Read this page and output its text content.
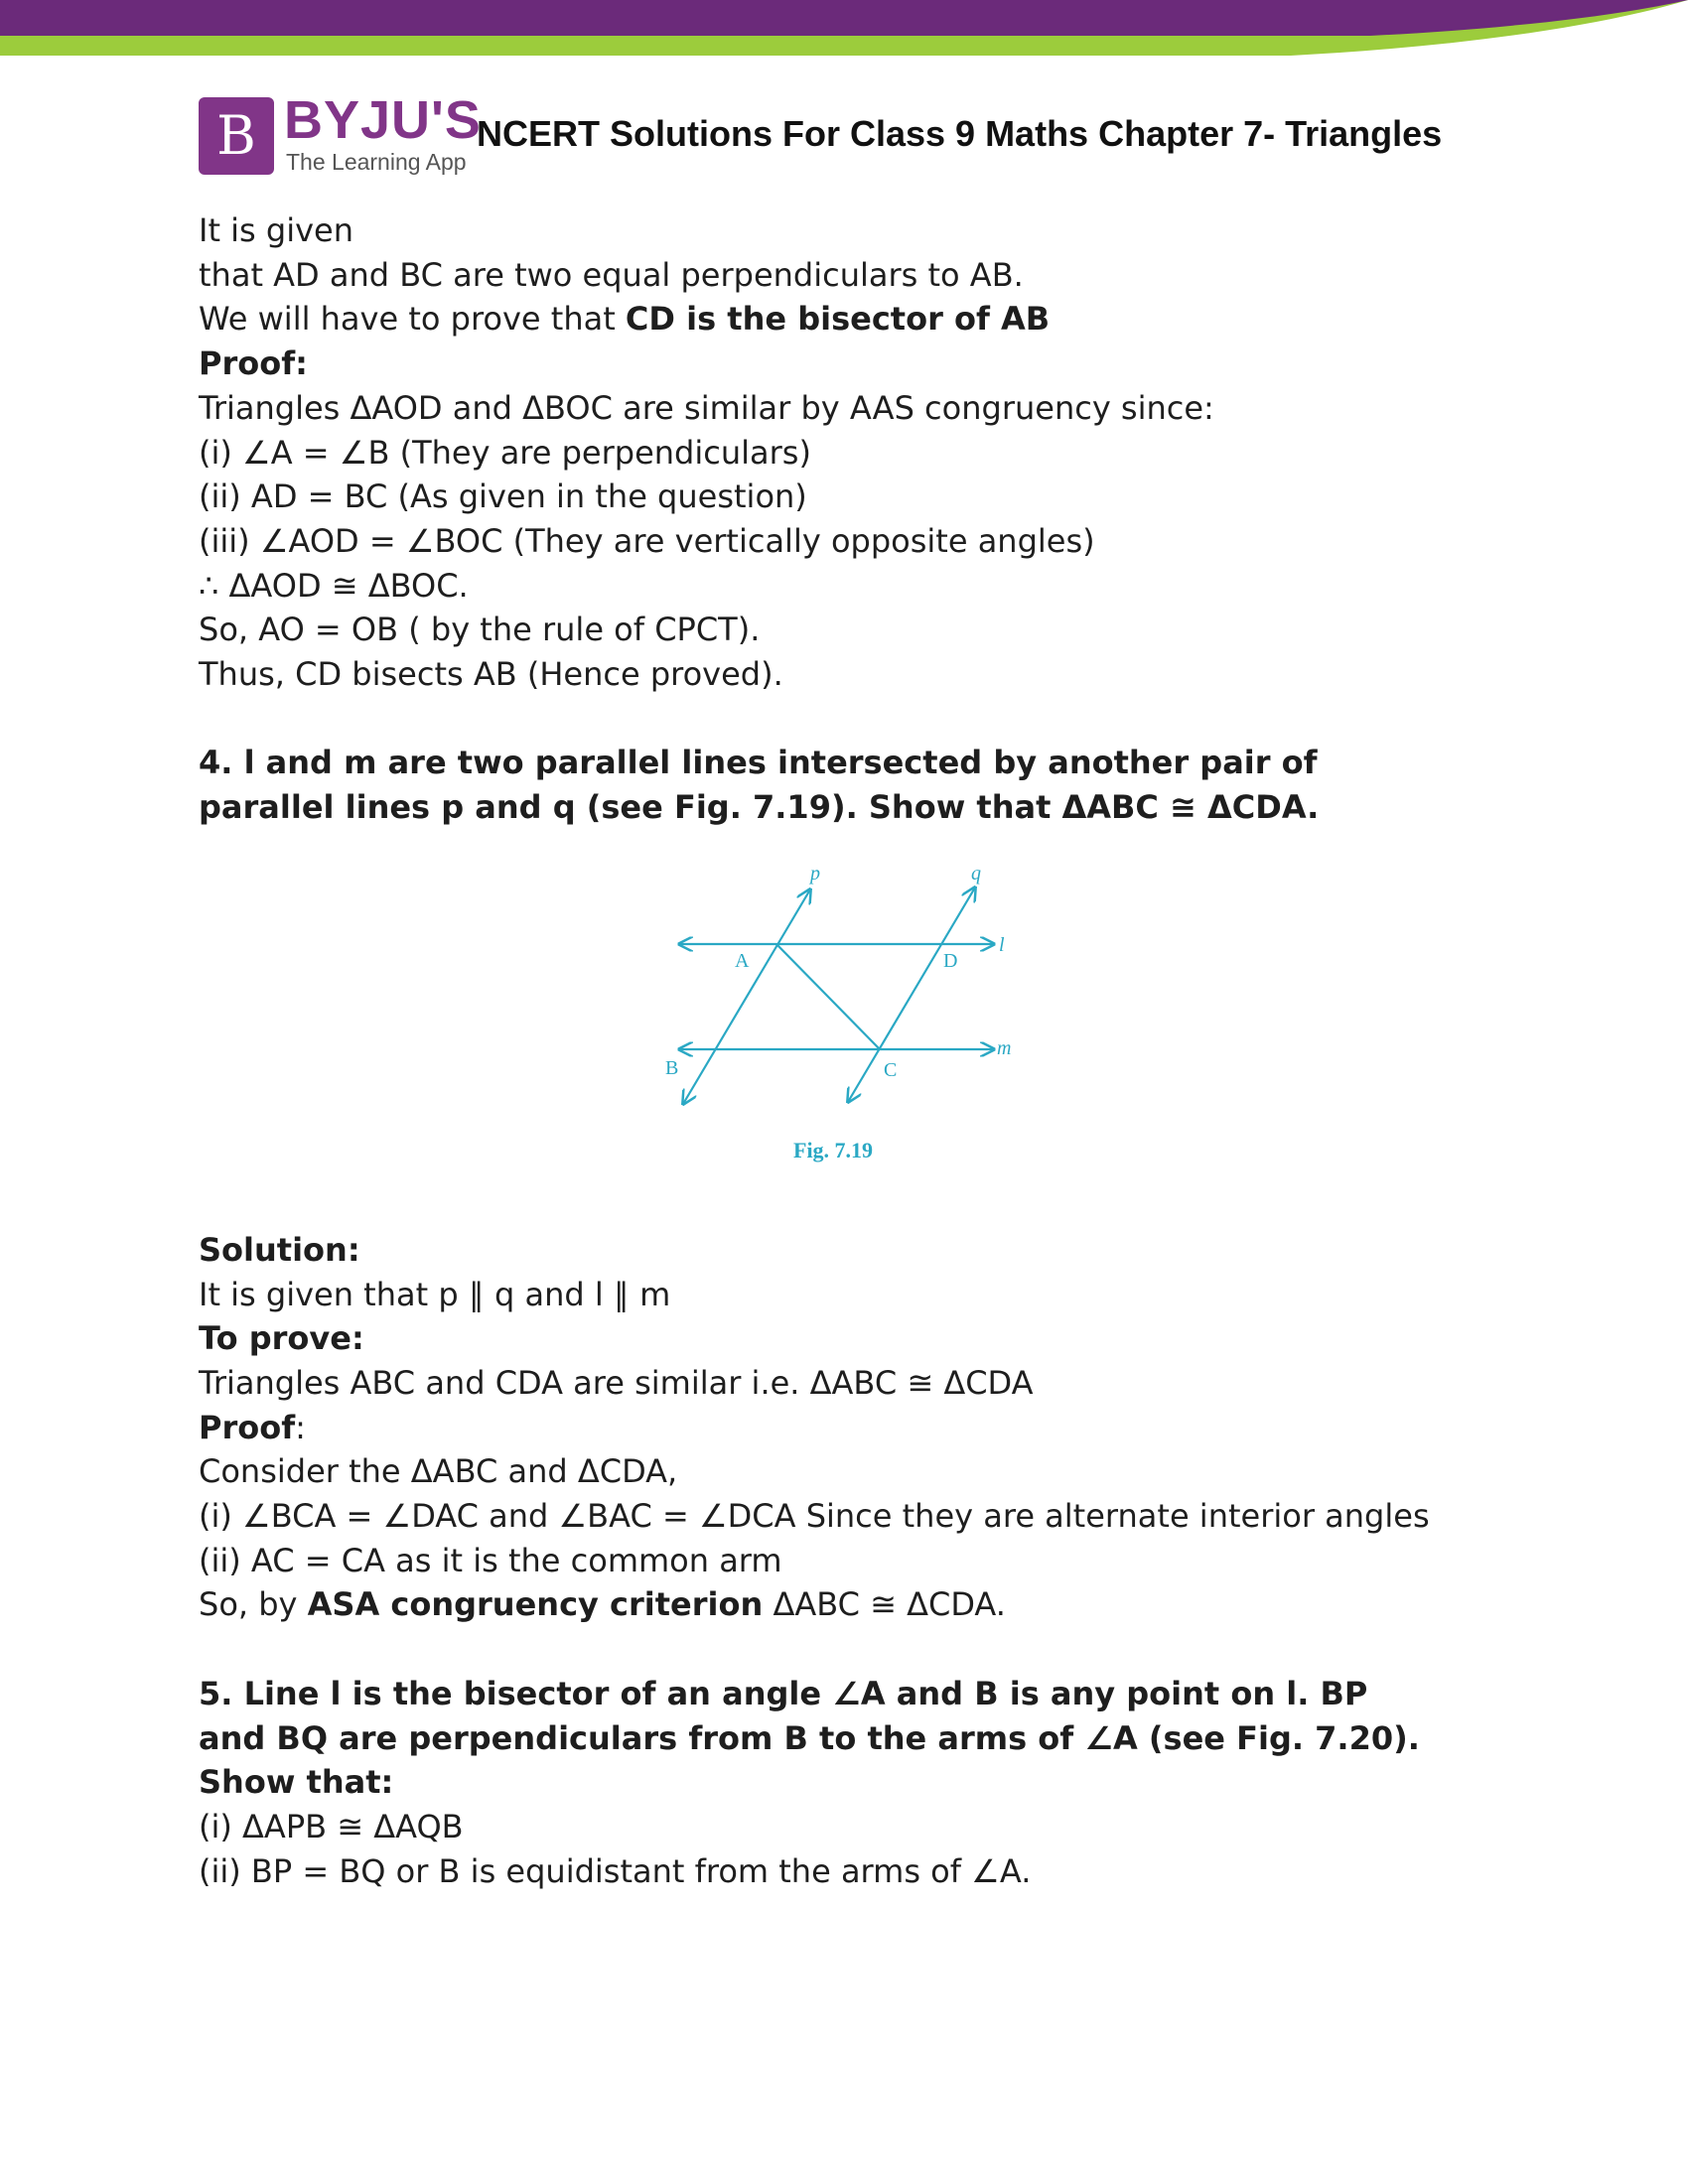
B BYJU'S
The Learning App
NCERT Solutions For Class 9 Maths Chapter 7- Triangles

It is given

that AD and BC are two equal perpendiculars to AB.

We will have to prove that CD is the bisector of AB

Proof:

Triangles ΔAOD and ΔBOC are similar by AAS congruency since:

(i) ∠A = ∠B (They are perpendiculars)

(ii) AD = BC (As given in the question)

(iii) ∠AOD = ∠BOC (They are vertically opposite angles)

∴ ΔAOD ≅ ΔBOC.

So, AO = OB ( by the rule of CPCT).

Thus, CD bisects AB (Hence proved).

4. l and m are two parallel lines intersected by another pair of

parallel lines p and q (see Fig. 7.19). Show that ΔABC ≅ ΔCDA.

Solution:

It is given that p ∥ q and l ∥ m

To prove:

Triangles ABC and CDA are similar i.e. ΔABC ≅ ΔCDA

Proof:

Consider the ΔABC and ΔCDA,

(i) ∠BCA = ∠DAC and ∠BAC = ∠DCA Since they are alternate interior angles

(ii) AC = CA as it is the common arm

So, by ASA congruency criterion ΔABC ≅ ΔCDA.

5. Line l is the bisector of an angle ∠A and B is any point on l. BP

and BQ are perpendiculars from B to the arms of ∠A (see Fig. 7.20).

Show that:

(i) ΔAPB ≅ ΔAQB

(ii) BP = BQ or B is equidistant from the arms of ∠A.

p	q
l
m
A	D
B	C
Fig. 7.19
